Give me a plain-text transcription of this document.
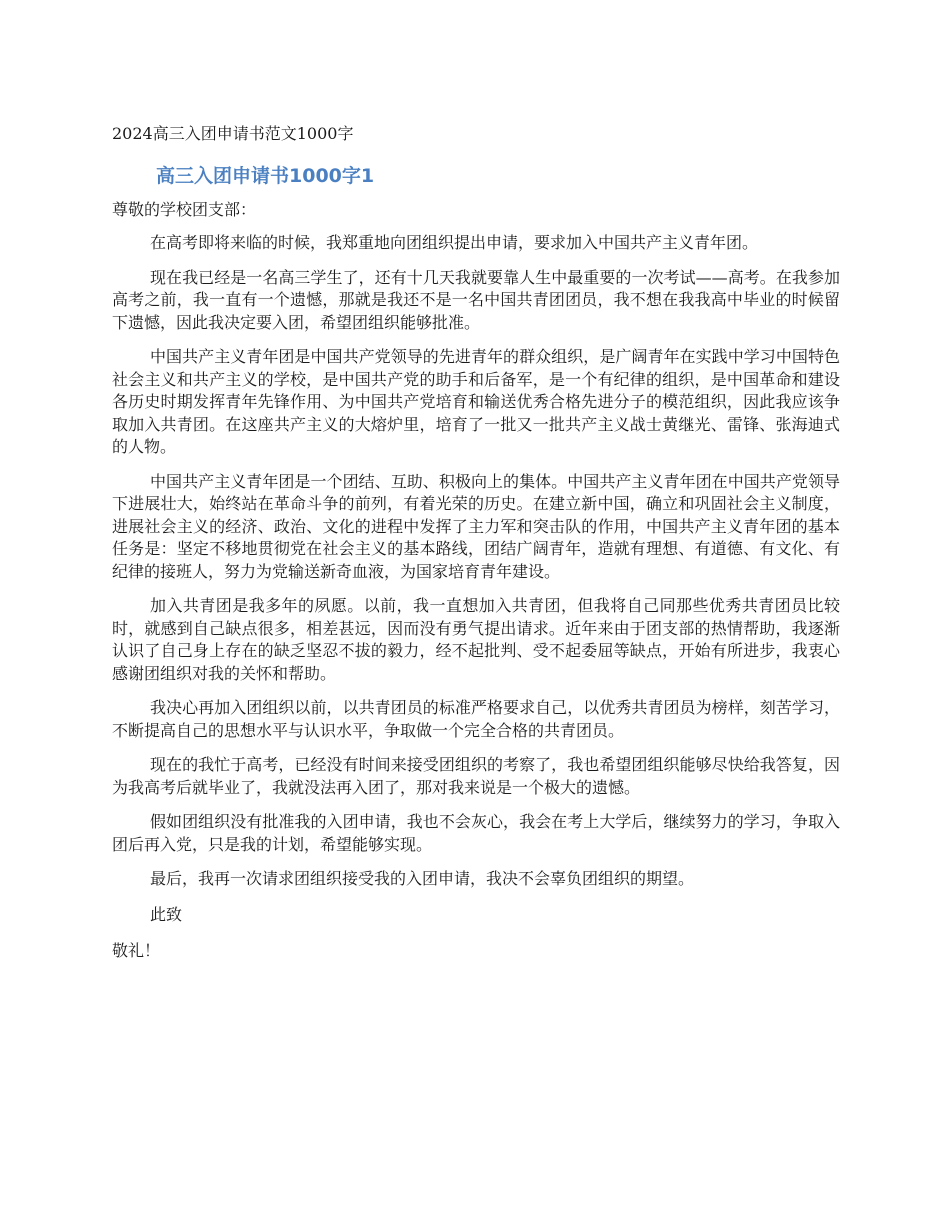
2024高三入团申请书范文1000字
高三入团申请书1000字1
尊敬的学校团支部：

在高考即将来临的时候，我郑重地向团组织提出申请，要求加入中国共产主义青年团。

现在我已经是一名高三学生了，还有十几天我就要靠人生中最重要的一次考试——高考。在我参加高考之前，我一直有一个遗憾，那就是我还不是一名中国共青团团员，我不想在我我高中毕业的时候留下遗憾，因此我决定要入团，希望团组织能够批准。

中国共产主义青年团是中国共产党领导的先进青年的群众组织，是广阔青年在实践中学习中国特色社会主义和共产主义的学校，是中国共产党的助手和后备军，是一个有纪律的组织，是中国革命和建设各历史时期发挥青年先锋作用、为中国共产党培育和输送优秀合格先进分子的模范组织，因此我应该争取加入共青团。在这座共产主义的大熔炉里，培育了一批又一批共产主义战士黄继光、雷锋、张海迪式的人物。

中国共产主义青年团是一个团结、互助、积极向上的集体。中国共产主义青年团在中国共产党领导下进展壮大，始终站在革命斗争的前列，有着光荣的历史。在建立新中国，确立和巩固社会主义制度，进展社会主义的经济、政治、文化的进程中发挥了主力军和突击队的作用，中国共产主义青年团的基本任务是：坚定不移地贯彻党在社会主义的基本路线，团结广阔青年，造就有理想、有道德、有文化、有纪律的接班人，努力为党输送新奇血液，为国家培育青年建设。

加入共青团是我多年的夙愿。以前，我一直想加入共青团，但我将自己同那些优秀共青团员比较时，就感到自己缺点很多，相差甚远，因而没有勇气提出请求。近年来由于团支部的热情帮助，我逐渐认识了自己身上存在的缺乏坚忍不拔的毅力，经不起批判、受不起委屈等缺点，开始有所进步，我衷心感谢团组织对我的关怀和帮助。

我决心再加入团组织以前，以共青团员的标准严格要求自己，以优秀共青团员为榜样，刻苦学习，不断提高自己的思想水平与认识水平，争取做一个完全合格的共青团员。

现在的我忙于高考，已经没有时间来接受团组织的考察了，我也希望团组织能够尽快给我答复，因为我高考后就毕业了，我就没法再入团了，那对我来说是一个极大的遗憾。

假如团组织没有批准我的入团申请，我也不会灰心，我会在考上大学后，继续努力的学习，争取入团后再入党，只是我的计划，希望能够实现。

最后，我再一次请求团组织接受我的入团申请，我决不会辜负团组织的期望。

此致
敬礼！
